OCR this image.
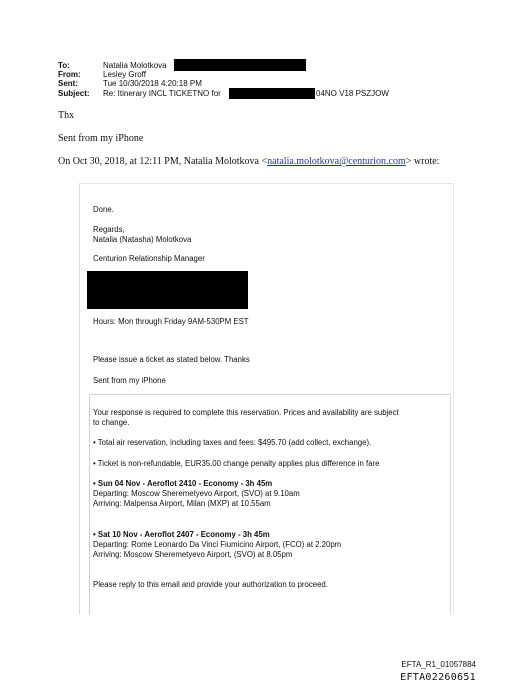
To:	Natalia Molotkova
From:	Lesley Groff
Sent:	Tue 10/30/2018 4:20:18 PM
Subject: Re: Itinerary INCL TICKETNO for	04NO V18 PSZJOW
Thx
Sent from my iPhone
On Oct 30, 2018, at 12:11 PM, Natalia Molotkova <natalia.molotkova@centurion.com> wrote:
Done.
Regards,
Natalia (Natasha) Molotkova
Centurion Relationship Manager
Hours: Mon through Friday 9AM-530PM EST
Please issue a ticket as stated below. Thanks
Sent from my iPhone
Your response is required to complete this reservation. Prices and availability are subject
to change.
• Total air reservation, including taxes and fees: $495.70 (add collect, exchange).
• Ticket is non-refundable, EUR35.00 change penalty applies plus difference in fare
• Sun 04 Nov - Aeroflot 2410 - Economy - 3h 45m
Departing: Moscow Sheremetyevo Airport, (SVO) at 9.10am
Arriving: Malpensa Airport, Milan (MXP) at 10.55am
• Sat 10 Nov - Aeroflot 2407 - Economy - 3h 45m
Departing: Rome Leonardo Da Vinci Fiumicino Airport, (FCO) at 2.20pm
Arriving: Moscow Sheremetyevo Airport, (SVO) at 8.05pm
Please reply to this email and provide your authorization to proceed.
EFTA_R1_01057884
EFTA02260651
